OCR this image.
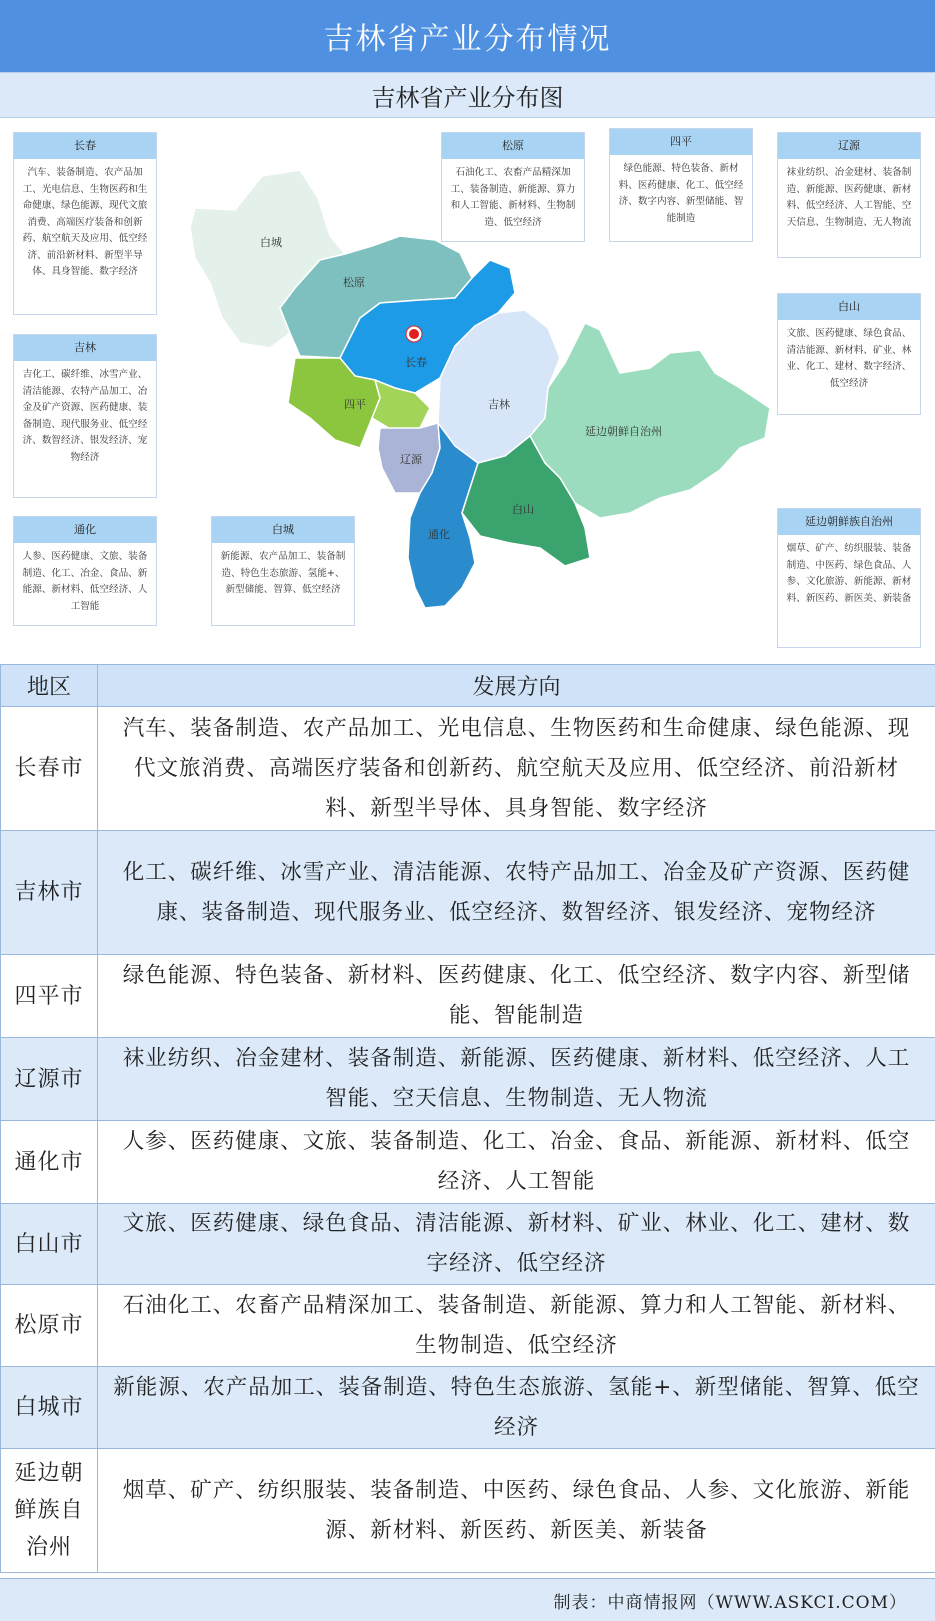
吉林省产业分布情况
吉林省产业分布图
白城
松原
长春
吉林
四平
辽源
通化
白山
延边朝鲜自治州
长春
汽车、装备制造、农产品加工、光电信息、生物医药和生命健康、绿色能源、现代文旅消费、高端医疗装备和创新药、航空航天及应用、低空经济、前沿新材料、新型半导体、具身智能、数字经济
吉林
吉化工、碳纤维、冰雪产业、清洁能源、农特产品加工、冶金及矿产资源、医药健康、装备制造、现代服务业、低空经济、数智经济、银发经济、宠物经济
通化
人参、医药健康、文旅、装备制造、化工、冶金、食品、新能源、新材料、低空经济、人工智能
白城
新能源、农产品加工、装备制造、特色生态旅游、氢能+、新型储能、智算、低空经济
松原
石油化工、农畜产品精深加工、装备制造、新能源、算力和人工智能、新材料、生物制造、低空经济
四平
绿色能源、特色装备、新材料、医药健康、化工、低空经济、数字内容、新型储能、智能制造
辽源
袜业纺织、冶金建材、装备制造、新能源、医药健康、新材料、低空经济、人工智能、空天信息、生物制造、无人物流
白山
文旅、医药健康、绿色食品、清洁能源、新材料、矿业、林业、化工、建材、数字经济、低空经济
延边朝鲜族自治州
烟草、矿产、纺织服装、装备制造、中医药、绿色食品、人参、文化旅游、新能源、新材料、新医药、新医美、新装备
地区	发展方向
长春市	汽车、装备制造、农产品加工、光电信息、生物医药和生命健康、绿色能源、现代文旅消费、高端医疗装备和创新药、航空航天及应用、低空经济、前沿新材料、新型半导体、具身智能、数字经济
吉林市	化工、碳纤维、冰雪产业、清洁能源、农特产品加工、冶金及矿产资源、医药健康、装备制造、现代服务业、低空经济、数智经济、银发经济、宠物经济
四平市	绿色能源、特色装备、新材料、医药健康、化工、低空经济、数字内容、新型储能、智能制造
辽源市	袜业纺织、冶金建材、装备制造、新能源、医药健康、新材料、低空经济、人工智能、空天信息、生物制造、无人物流
通化市	人参、医药健康、文旅、装备制造、化工、冶金、食品、新能源、新材料、低空经济、人工智能
白山市	文旅、医药健康、绿色食品、清洁能源、新材料、矿业、林业、化工、建材、数字经济、低空经济
松原市	石油化工、农畜产品精深加工、装备制造、新能源、算力和人工智能、新材料、生物制造、低空经济
白城市	新能源、农产品加工、装备制造、特色生态旅游、氢能+、新型储能、智算、低空经济
延边朝鲜族自治州	烟草、矿产、纺织服装、装备制造、中医药、绿色食品、人参、文化旅游、新能源、新材料、新医药、新医美、新装备
制表：中商情报网（WWW.ASKCI.COM）
